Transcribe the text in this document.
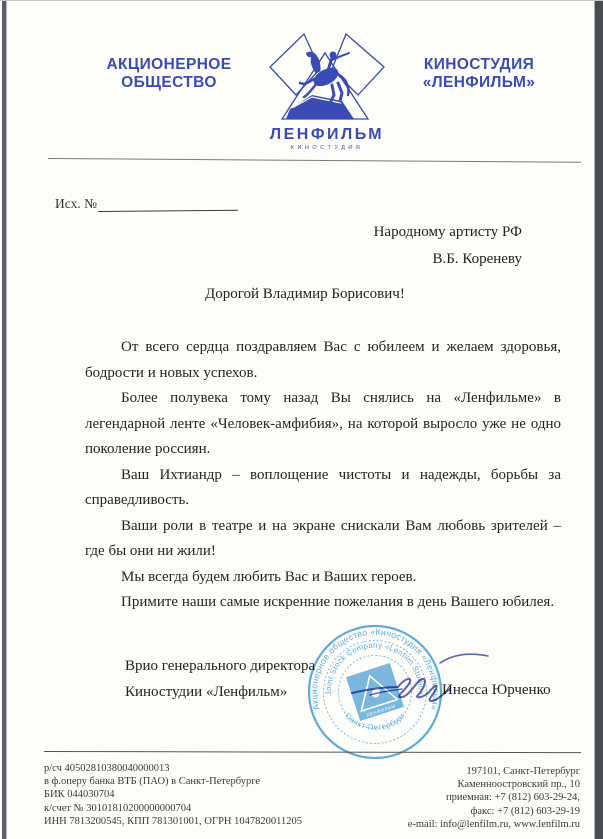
АКЦИОНЕРНОЕ
ОБЩЕСТВО
ЛЕНФИЛЬМ
КИНОСТУДИЯ
КИНОСТУДИЯ
«ЛЕНФИЛЬМ»
Исх. №
Народному артисту РФ
В.Б. Кореневу
Дорогой Владимир Борисович!

От всего сердца поздравляем Вас с юбилеем и желаем здоровья, бодрости и новых успехов.

Более полувека тому назад Вы снялись на «Ленфильме» в легендарной ленте «Человек-амфибия», на которой выросло уже не одно поколение россиян.

Ваш Ихтиандр – воплощение чистоты и надежды, борьбы за справедливость.

Ваши роли в театре и на экране снискали Вам любовь зрителей – где бы они ни жили!

Мы всегда будем любить Вас и Ваших героев.

Примите наши самые искренние пожелания в день Вашего юбилея.

Врио генерального директора
Киностудии «Ленфильм»	Инесса Юрченко
Акционерное общество «Киностудия «Ленфильм»
Joint Stock Company «Lenfilm Studio»
Санкт-Петербург
ЛЕНФИЛЬМ
р/сч 40502810380040000013
в ф.оперу банка ВТБ (ПАО) в Санкт-Петербурге
БИК 044030704
к/счет № 30101810200000000704
ИНН 7813200545, КПП 781301001, ОГРН 1047820011205
197101, Санкт-Петербург
Каменноостровский пр., 10
приемная: +7 (812) 603-29-24,
факс: +7 (812) 603-29-19
e-mail: info@lenfilm.ru, www.lenfilm.ru
